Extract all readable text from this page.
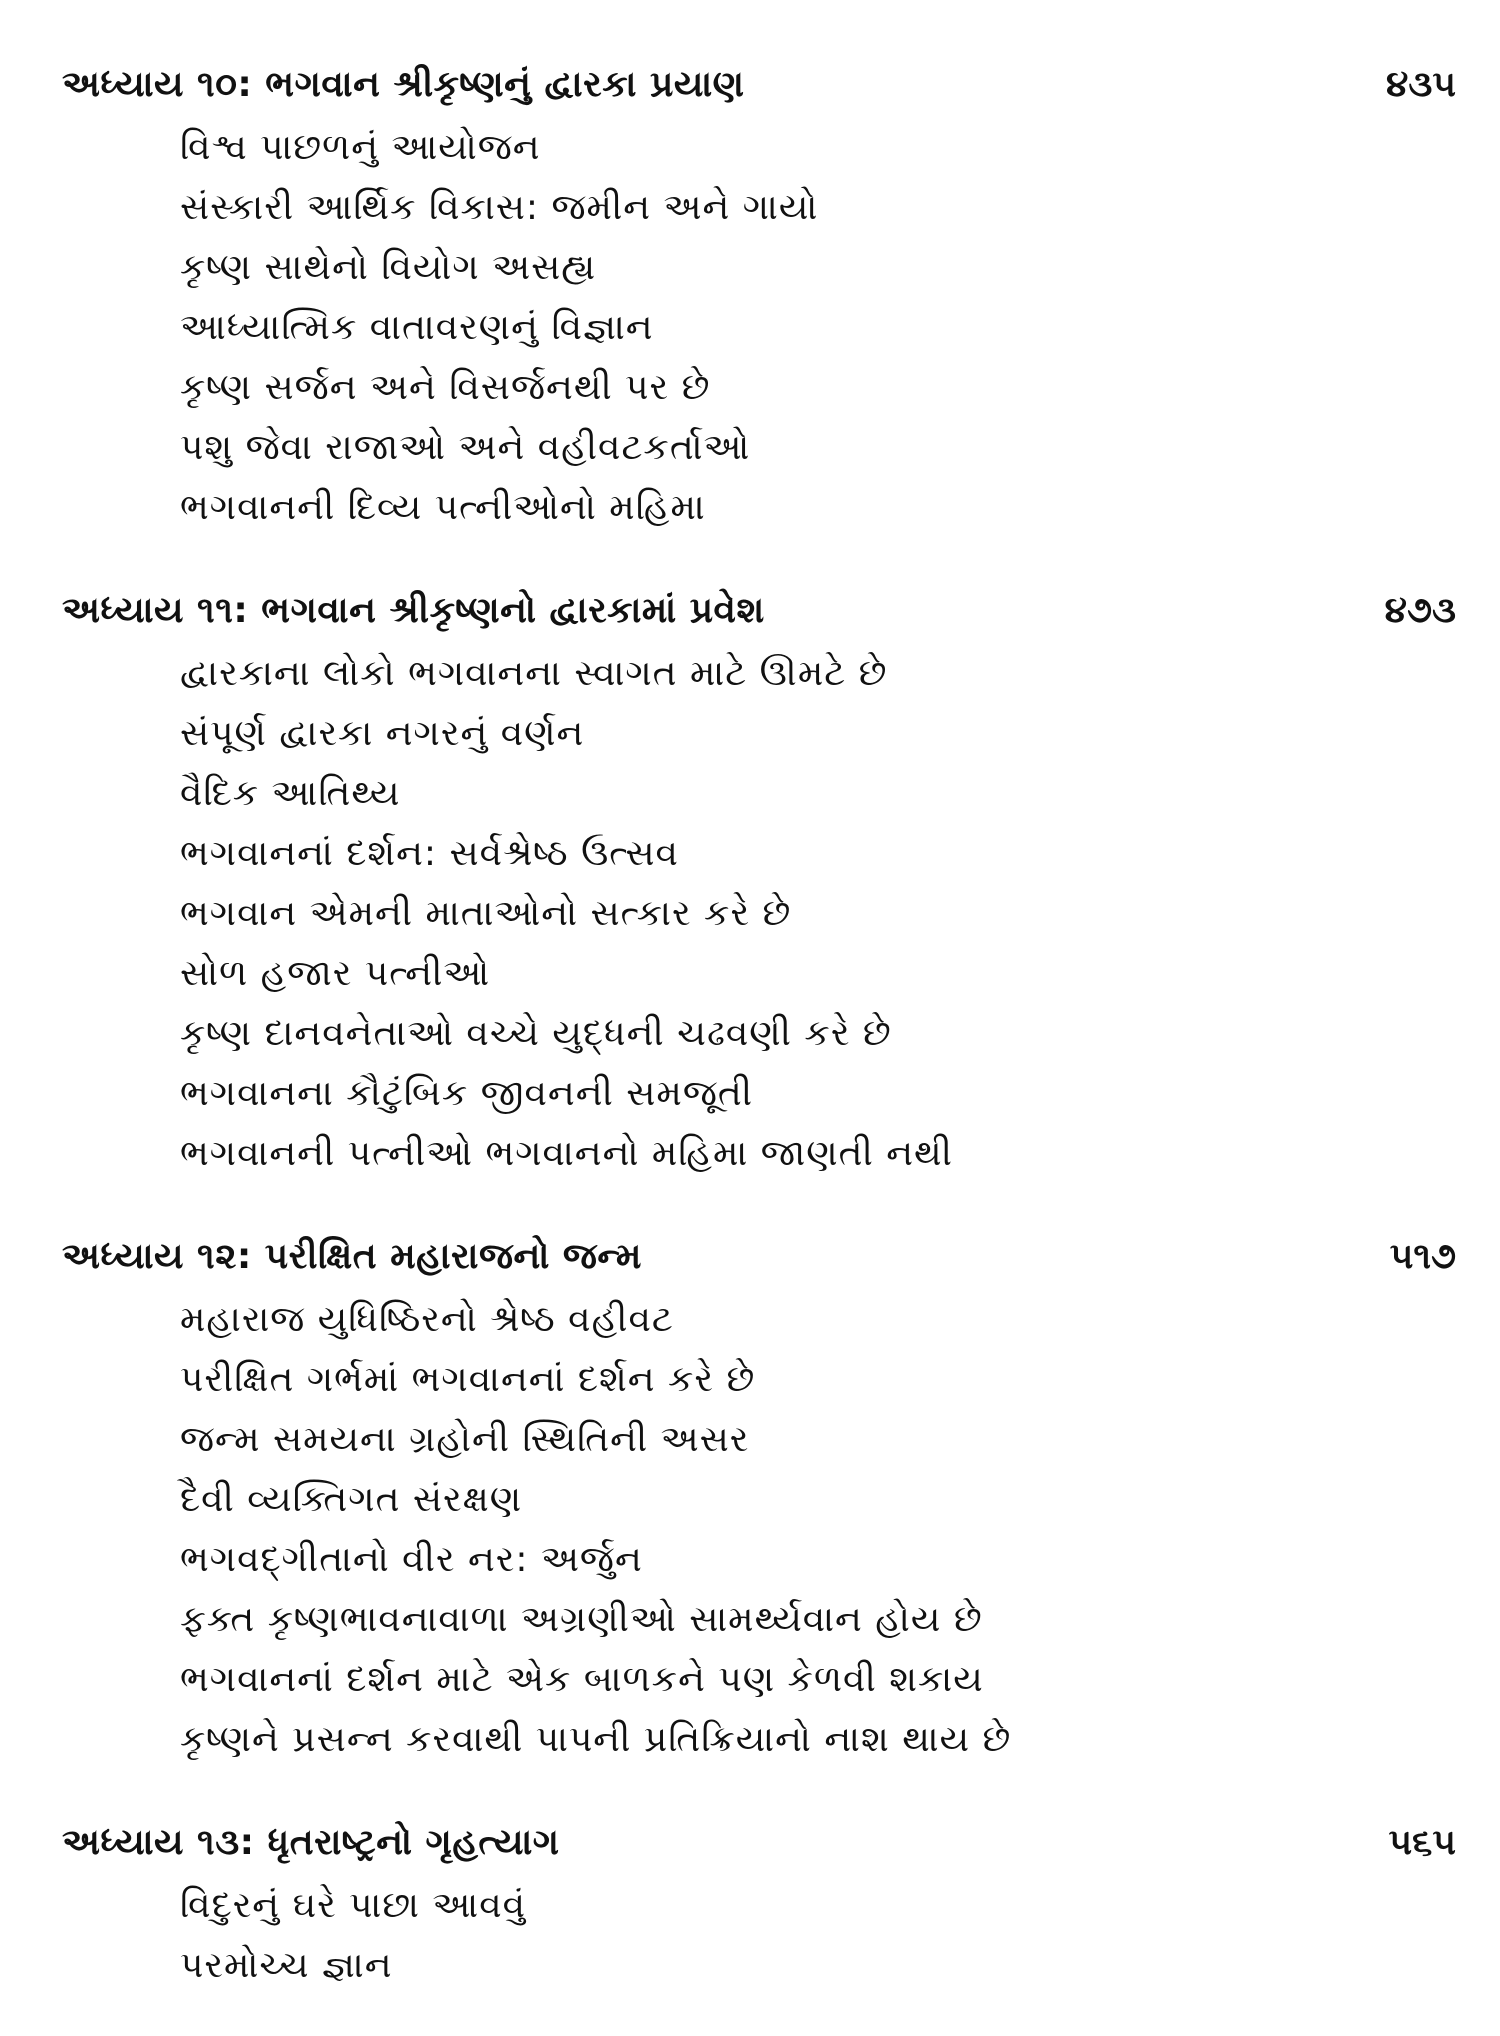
અધ્યાય ૧૦: ભગવાન શ્રીકૃષ્ણનું દ્વારકા પ્રયાણ	૪૩૫
વિશ્વ પાછળનું આયોજન
સંસ્કારી આર્થિક વિકાસ: જમીન અને ગાયો
કૃષ્ણ સાથેનો વિયોગ અસહ્ય
આધ્યાત્મિક વાતાવરણનું વિજ્ઞાન
કૃષ્ણ સર્જન અને વિસર્જનથી પર છે
પશુ જેવા રાજાઓ અને વહીવટકર્તાઓ
ભગવાનની દિવ્ય પત્નીઓનો મહિમા
અધ્યાય ૧૧: ભગવાન શ્રીકૃષ્ણનો દ્વારકામાં પ્રવેશ	૪૭૩
દ્વારકાના લોકો ભગવાનના સ્વાગત માટે ઊમટે છે
સંપૂર્ણ દ્વારકા નગરનું વર્ણન
વૈદિક આતિથ્ય
ભગવાનનાં દર્શન: સર્વશ્રેષ્ઠ ઉત્સવ
ભગવાન એમની માતાઓનો સત્કાર કરે છે
સોળ હજાર પત્નીઓ
કૃષ્ણ દાનવનેતાઓ વચ્ચે યુદ્ધની ચઢવણી કરે છે
ભગવાનના કૌટુંબિક જીવનની સમજૂતી
ભગવાનની પત્નીઓ ભગવાનનો મહિમા જાણતી નથી
અધ્યાય ૧૨: પરીક્ષિત મહારાજનો જન્મ	૫૧૭
મહારાજ યુધિષ્ઠિરનો શ્રેષ્ઠ વહીવટ
પરીક્ષિત ગર્ભમાં ભગવાનનાં દર્શન કરે છે
જન્મ સમયના ગ્રહોની સ્થિતિની અસર
દૈવી વ્યક્તિગત સંરક્ષણ
ભગવદ્ગીતાનો વીર નર: અર્જુન
ફક્ત કૃષ્ણભાવનાવાળા અગ્રણીઓ સામર્થ્યવાન હોય છે
ભગવાનનાં દર્શન માટે એક બાળકને પણ કેળવી શકાય
કૃષ્ણને પ્રસન્ન કરવાથી પાપની પ્રતિક્રિયાનો નાશ થાય છે
અધ્યાય ૧૩: ધૃતરાષ્ટ્રનો ગૃહત્યાગ	૫૬૫
વિદુરનું ઘરે પાછા આવવું
પરમોચ્ચ જ્ઞાન
